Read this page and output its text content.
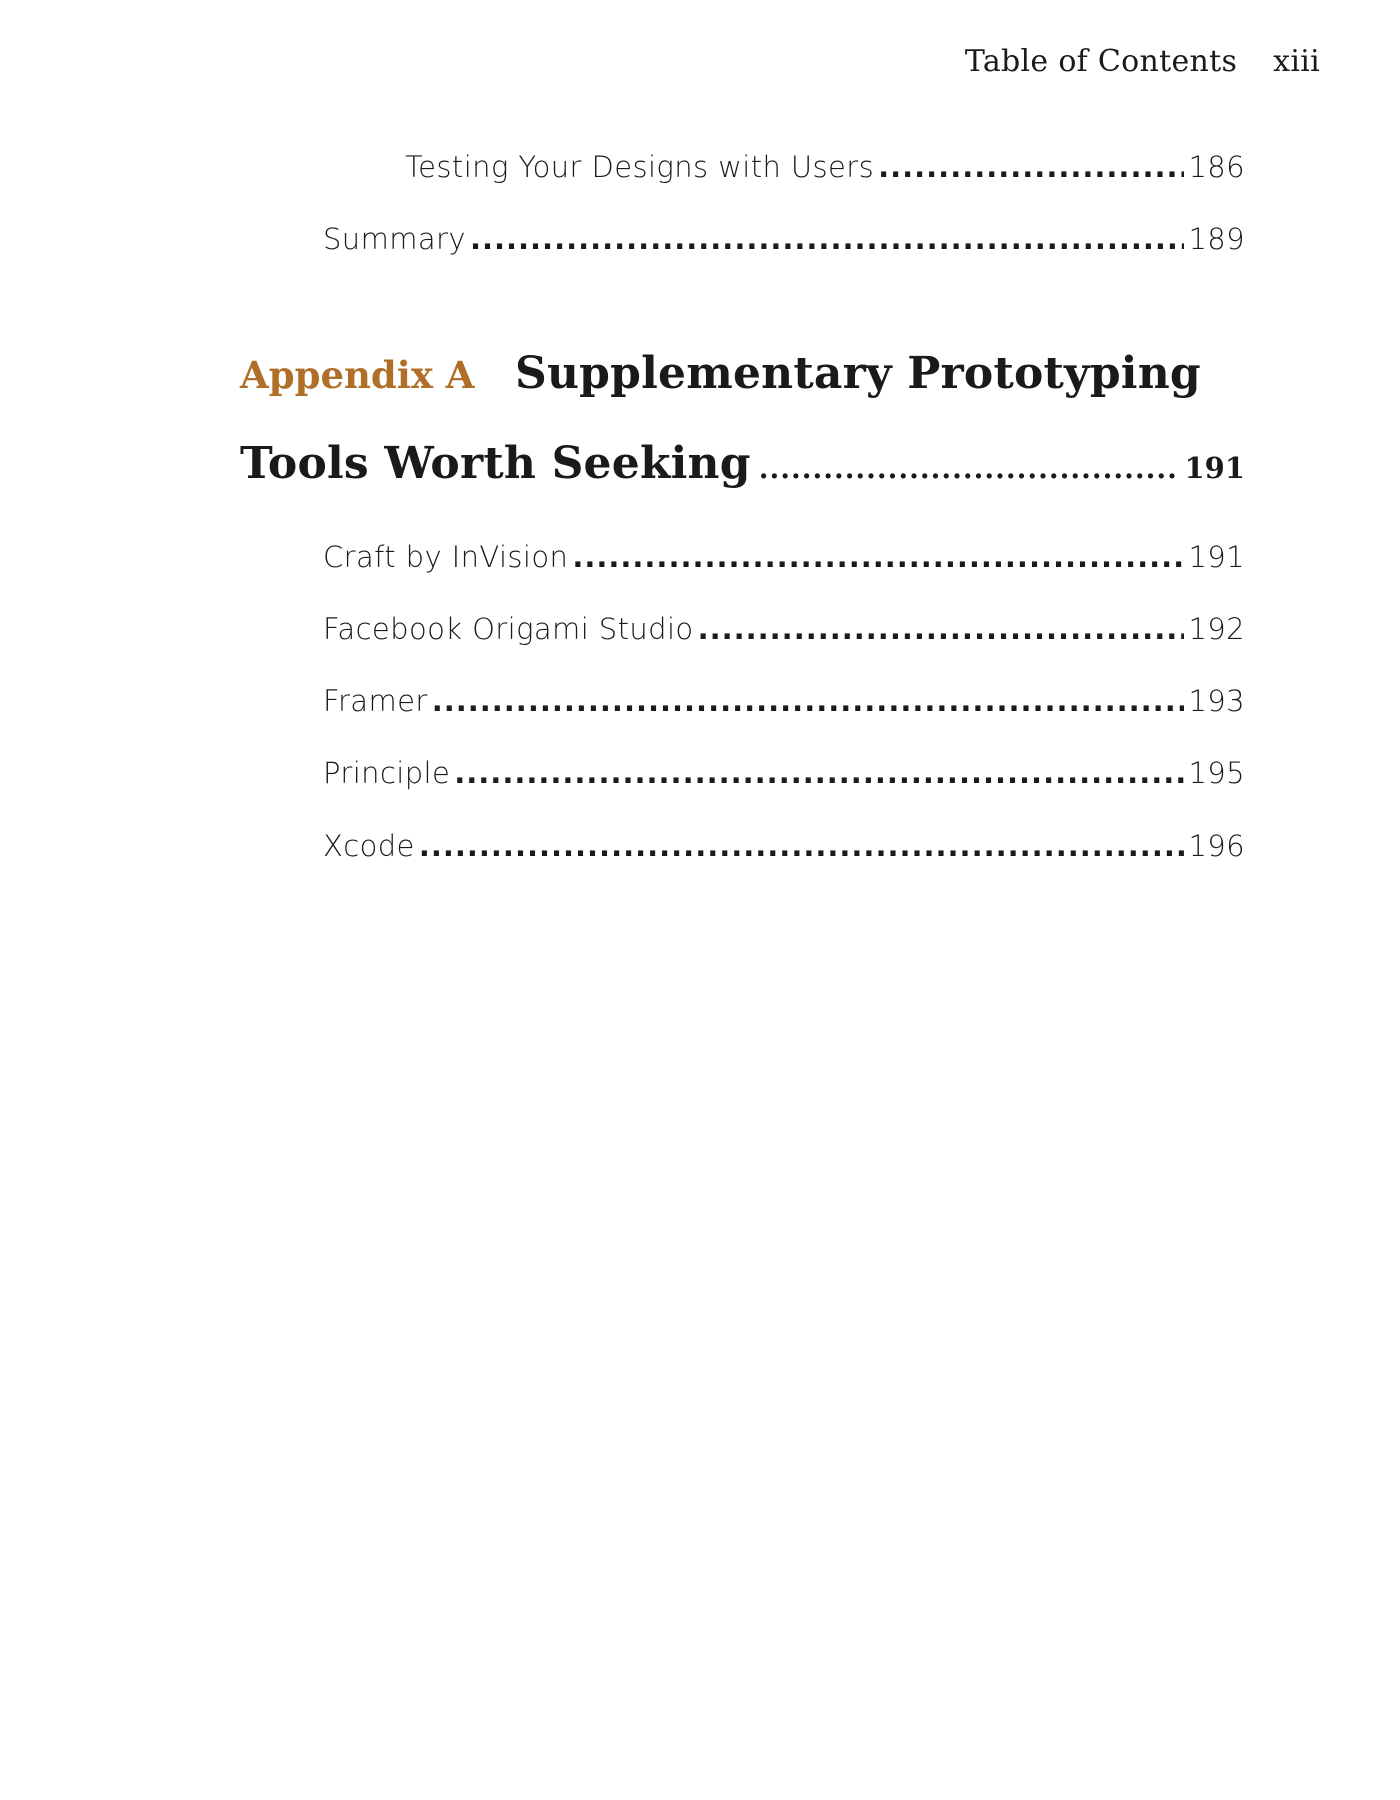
Table of Contents xiii
Testing Your Designs with Users .....	186
Summary .....	189
Appendix A Supplementary Prototyping
Tools Worth Seeking .....	191
Craft by InVision .....	191
Facebook Origami Studio .....	192
Framer .....	193
Principle .....	195
Xcode .....	196
